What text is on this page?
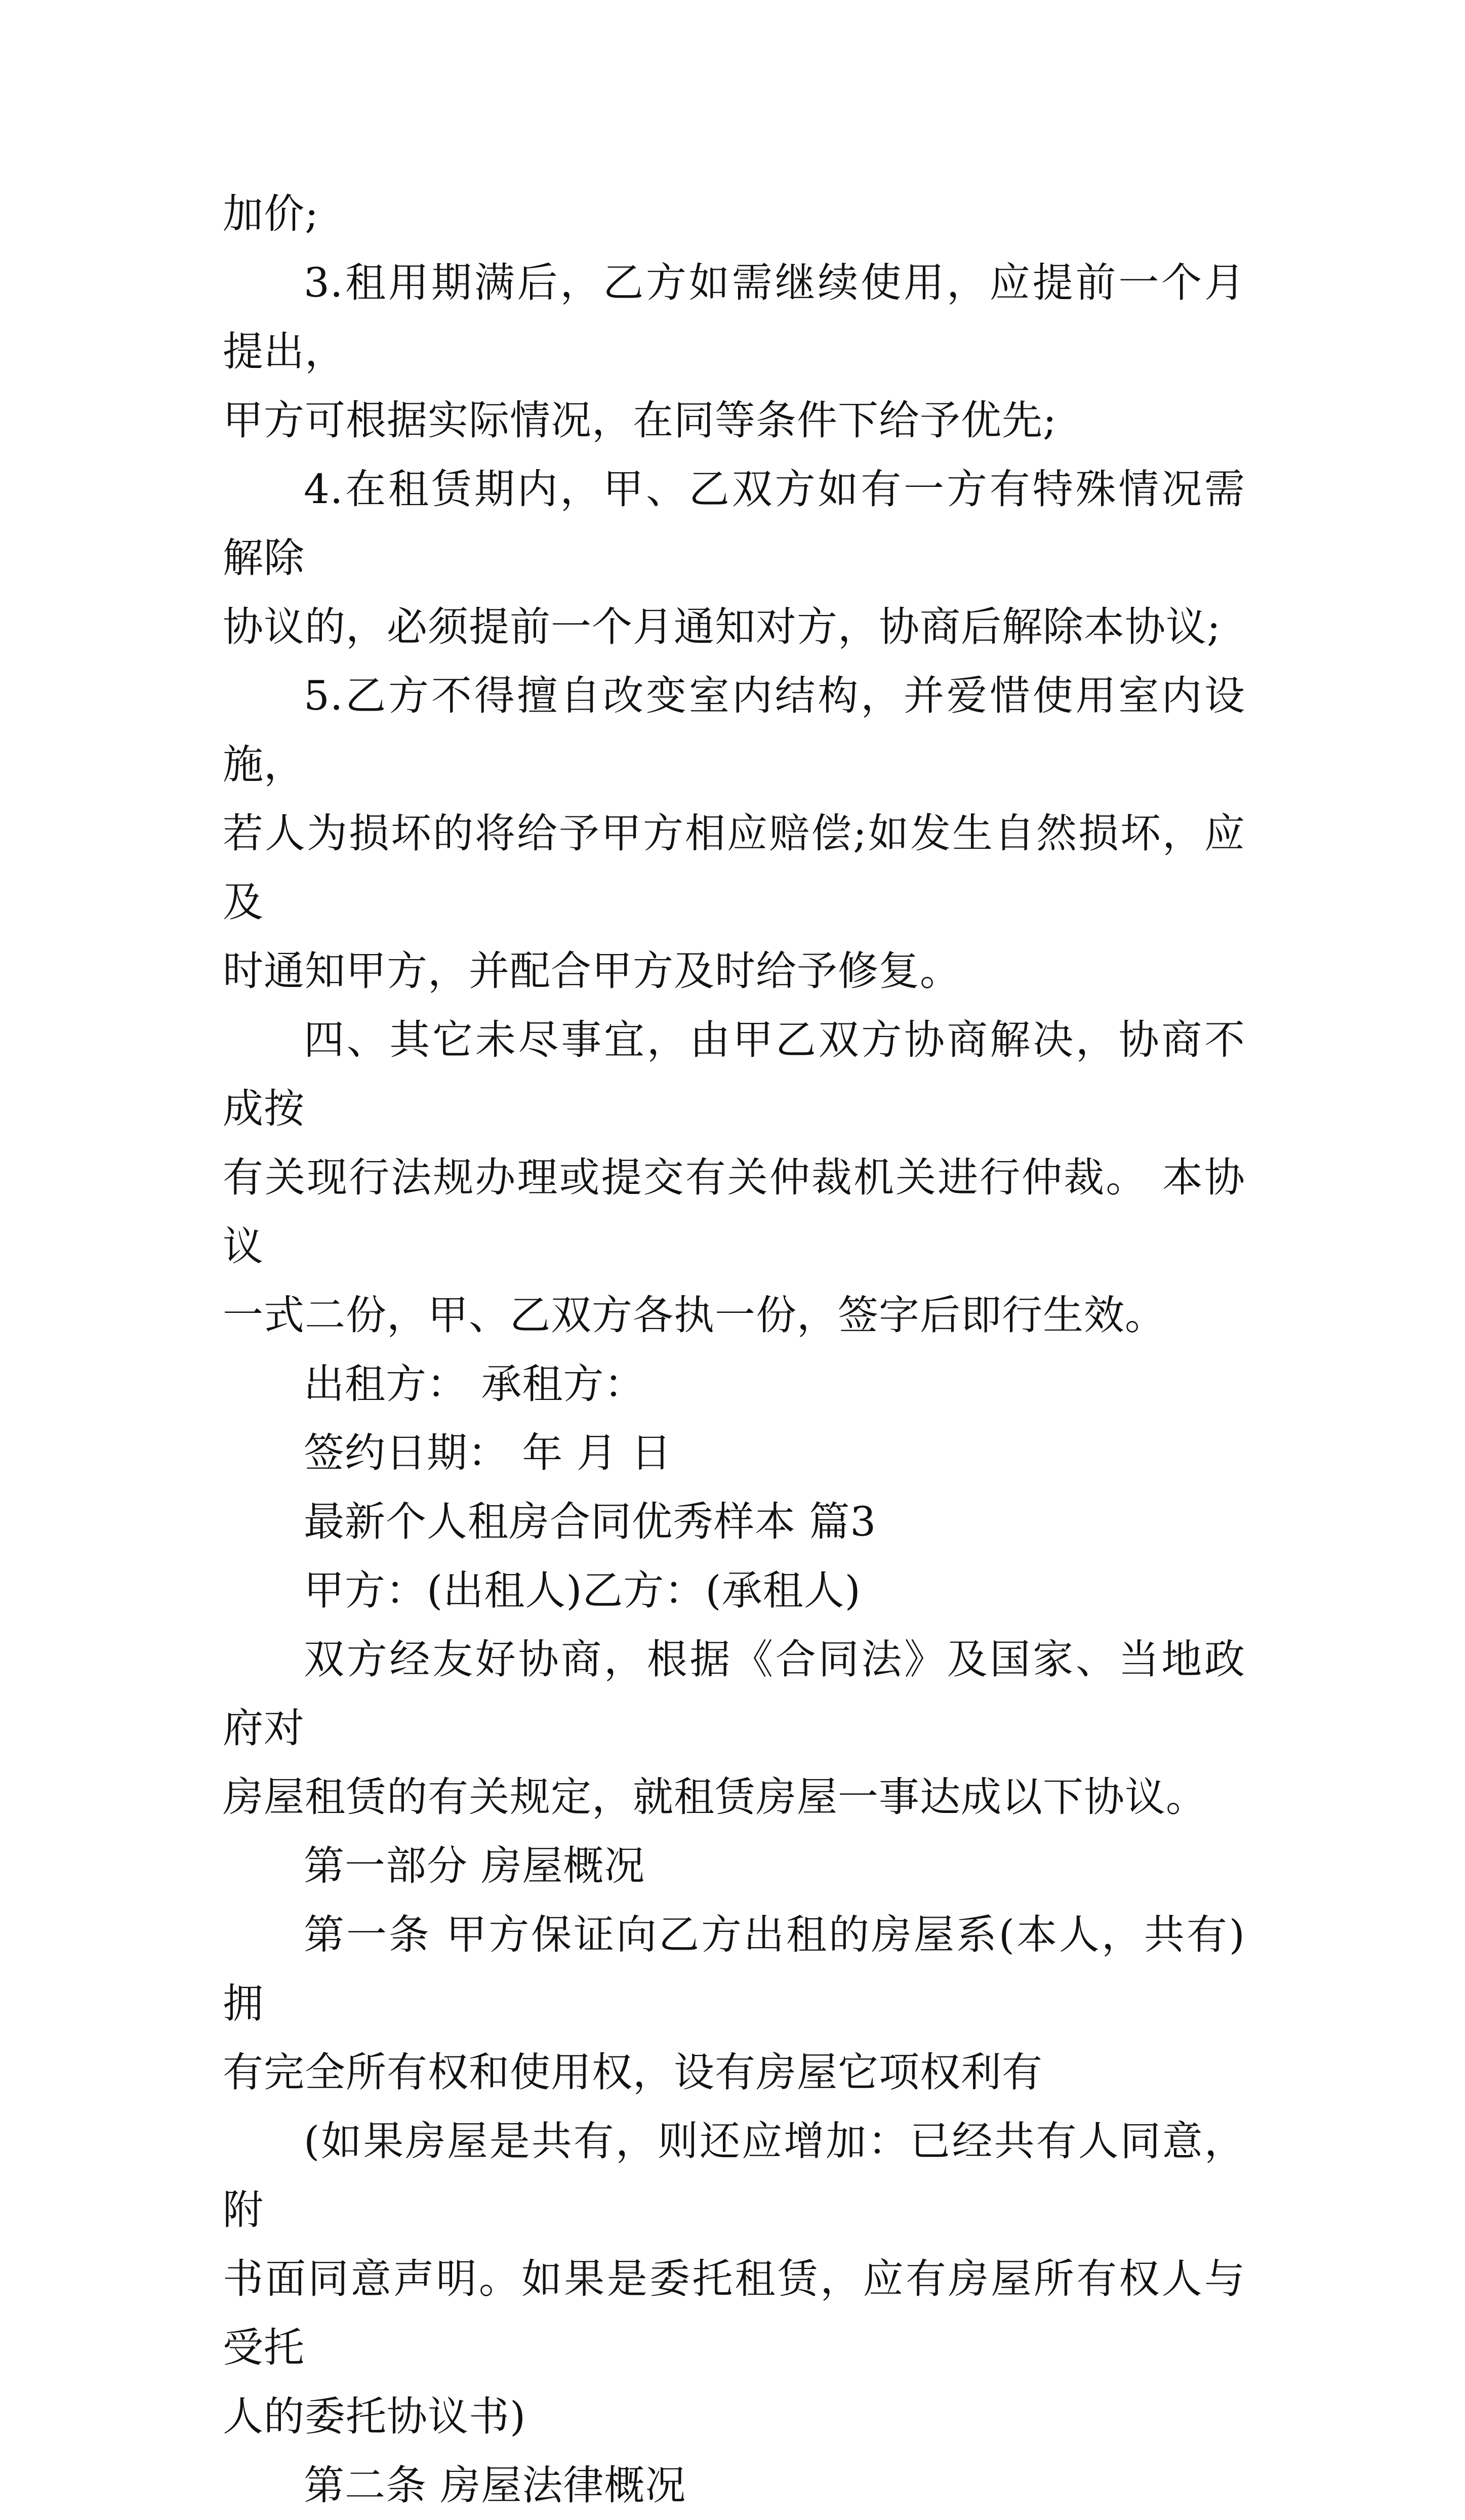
加价;

3.租用期满后，乙方如需继续使用，应提前一个月提出，
甲方可根据实际情况，在同等条件下给予优先;

4.在租赁期内，甲、乙双方如有一方有特殊情况需解除
协议的，必须提前一个月通知对方，协商后解除本协议;

5.乙方不得擅自改变室内结构，并爱惜使用室内设施，
若人为损坏的将给予甲方相应赔偿;如发生自然损坏，应及
时通知甲方，并配合甲方及时给予修复。

四、其它未尽事宜，由甲乙双方协商解决，协商不成按
有关现行法规办理或提交有关仲裁机关进行仲裁。 本协议
一式二份，甲、乙双方各执一份，签字后即行生效。

出租方： 承租方：

签约日期： 年 月 日

最新个人租房合同优秀样本 篇3

甲方：(出租人)乙方：(承租人)

双方经友好协商，根据《合同法》及国家、当地政府对
房屋租赁的有关规定，就租赁房屋一事达成以下协议。

第一部分 房屋概况

第一条 甲方保证向乙方出租的房屋系(本人，共有)拥
有完全所有权和使用权，设有房屋它项权利有

(如果房屋是共有，则还应增加：已经共有人同意，附
书面同意声明。如果是委托租赁，应有房屋所有权人与受托
人的委托协议书)

第二条 房屋法律概况
